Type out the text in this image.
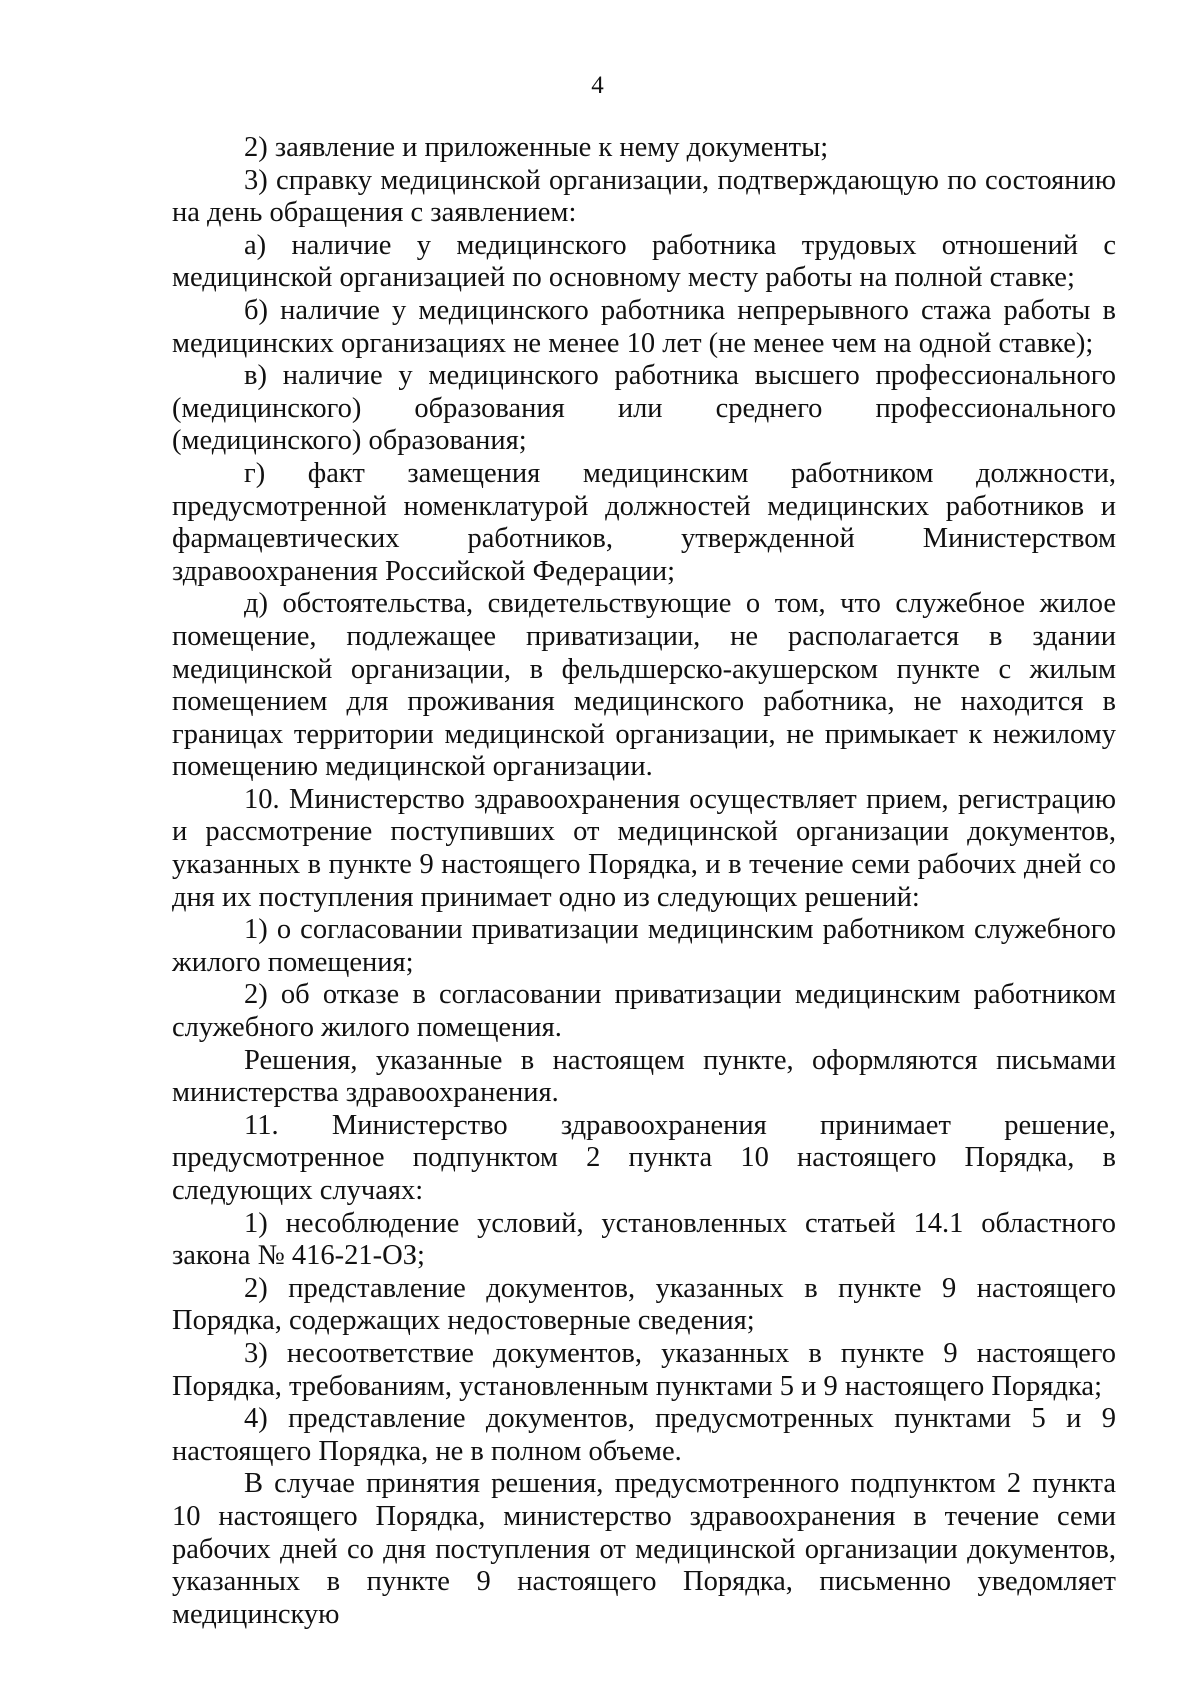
4

2) заявление и приложенные к нему документы;

3) справку медицинской организации, подтверждающую по состоянию на день обращения с заявлением:

а) наличие у медицинского работника трудовых отношений с медицинской организацией по основному месту работы на полной ставке;

б) наличие у медицинского работника непрерывного стажа работы в медицинских организациях не менее 10 лет (не менее чем на одной ставке);

в) наличие у медицинского работника высшего профессионального (медицинского) образования или среднего профессионального (медицинского) образования;

г) факт замещения медицинским работником должности, предусмотренной номенклатурой должностей медицинских работников и фармацевтических работников, утвержденной Министерством здравоохранения Российской Федерации;

д) обстоятельства, свидетельствующие о том, что служебное жилое помещение, подлежащее приватизации, не располагается в здании медицинской организации, в фельдшерско-акушерском пункте с жилым помещением для проживания медицинского работника, не находится в границах территории медицинской организации, не примыкает к нежилому помещению медицинской организации.

10. Министерство здравоохранения осуществляет прием, регистрацию и рассмотрение поступивших от медицинской организации документов, указанных в пункте 9 настоящего Порядка, и в течение семи рабочих дней со дня их поступления принимает одно из следующих решений:

1) о согласовании приватизации медицинским работником служебного жилого помещения;

2) об отказе в согласовании приватизации медицинским работником служебного жилого помещения.

Решения, указанные в настоящем пункте, оформляются письмами министерства здравоохранения.

11. Министерство здравоохранения принимает решение, предусмотренное подпунктом 2 пункта 10 настоящего Порядка, в следующих случаях:

1) несоблюдение условий, установленных статьей 14.1 областного закона № 416-21-ОЗ;

2) представление документов, указанных в пункте 9 настоящего Порядка, содержащих недостоверные сведения;

3) несоответствие документов, указанных в пункте 9 настоящего Порядка, требованиям, установленным пунктами 5 и 9 настоящего Порядка;

4) представление документов, предусмотренных пунктами 5 и 9 настоящего Порядка, не в полном объеме.

В случае принятия решения, предусмотренного подпунктом 2 пункта 10 настоящего Порядка, министерство здравоохранения в течение семи рабочих дней со дня поступления от медицинской организации документов, указанных в пункте 9 настоящего Порядка, письменно уведомляет медицинскую
